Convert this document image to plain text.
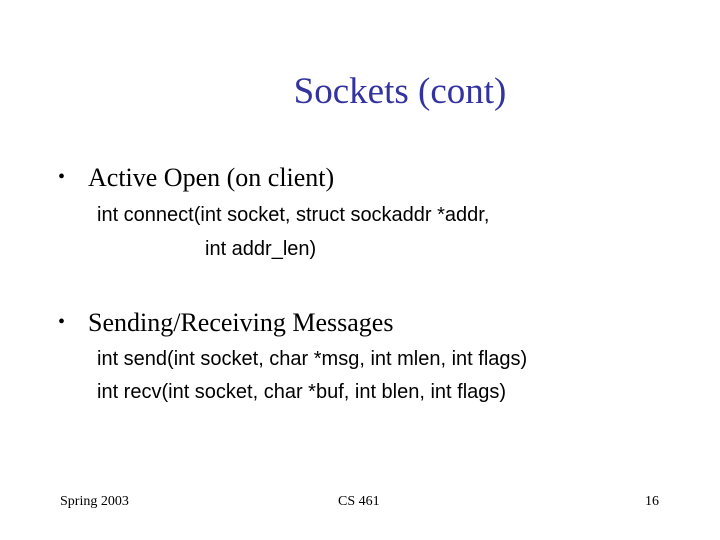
Sockets (cont)
• Active Open (on client)
int connect(int socket, struct sockaddr *addr,
int addr_len)
• Sending/Receiving Messages
int send(int socket, char *msg, int mlen, int flags)
int recv(int socket, char *buf, int blen, int flags)
Spring 2003	CS 461	16
